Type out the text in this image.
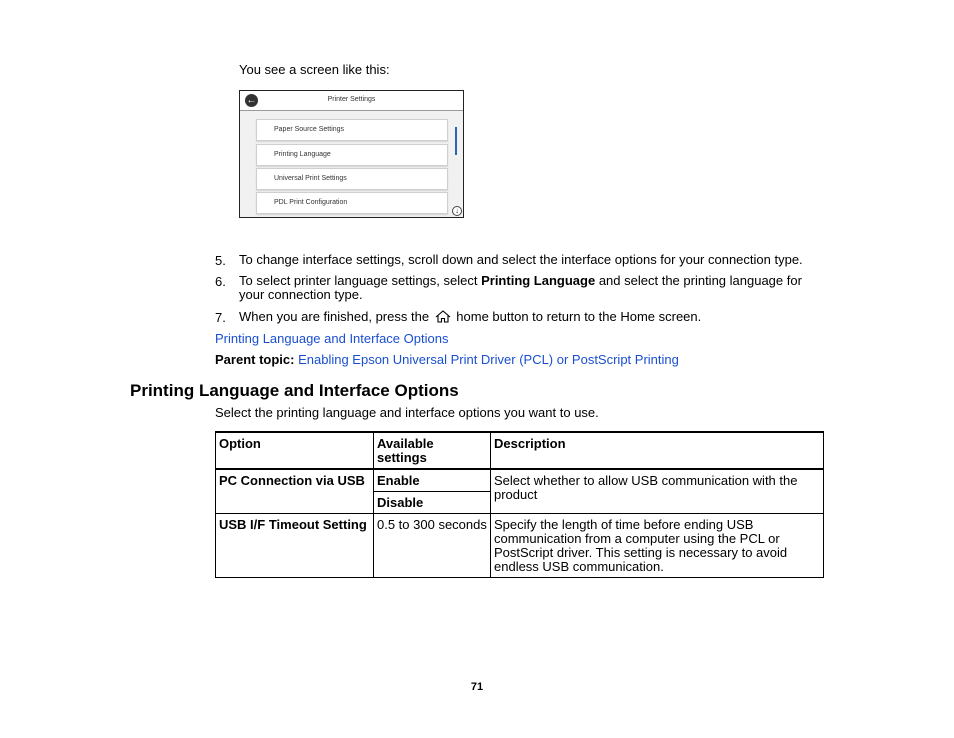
You see a screen like this:
←	Printer Settings
Paper Source Settings
Printing Language
Universal Print Settings
PDL Print Configuration
↓
5. To change interface settings, scroll down and select the interface options for your connection type.
6. To select printer language settings, select Printing Language and select the printing language for your connection type.
7. When you are finished, press the  home button to return to the Home screen.
Printing Language and Interface Options
Parent topic: Enabling Epson Universal Print Driver (PCL) or PostScript Printing
Printing Language and Interface Options
Select the printing language and interface options you want to use.
Option	Available settings	Description
PC Connection via USB	Enable	Select whether to allow USB communication with the product
	Disable	
USB I/F Timeout Setting	0.5 to 300 seconds	Specify the length of time before ending USB communication from a computer using the PCL or PostScript driver. This setting is necessary to avoid endless USB communication.
71
